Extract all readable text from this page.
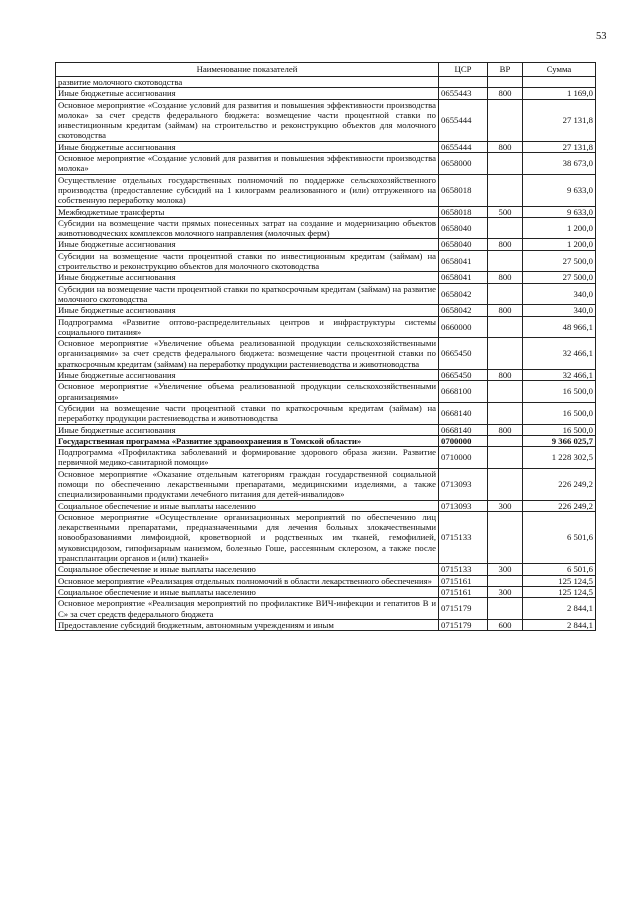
53
Наименование показателей	ЦСР	ВР	Сумма
развитие молочного скотоводства			
Иные бюджетные ассигнования	0655443	800	1 169,0
Основное мероприятие «Создание условий для развития и повышения эффективности производства молока» за счет средств федерального бюджета: возмещение части процентной ставки по инвестиционным кредитам (займам) на строительство и реконструкцию объектов для молочного скотоводства	0655444		27 131,8
Иные бюджетные ассигнования	0655444	800	27 131,8
Основное мероприятие «Создание условий для развития и повышения эффективности производства молока»	0658000		38 673,0
Осуществление отдельных государственных полномочий по поддержке сельскохозяйственного производства (предоставление субсидий на 1 килограмм реализованного и (или) отгруженного на собственную переработку молока)	0658018		9 633,0
Межбюджетные трансферты	0658018	500	9 633,0
Субсидии на возмещение части прямых понесенных затрат на создание и модернизацию объектов животноводческих комплексов молочного направления (молочных ферм)	0658040		1 200,0
Иные бюджетные ассигнования	0658040	800	1 200,0
Субсидии на возмещение части процентной ставки по инвестиционным кредитам (займам) на строительство и реконструкцию объектов для молочного скотоводства	0658041		27 500,0
Иные бюджетные ассигнования	0658041	800	27 500,0
Субсидии на возмещение части процентной ставки по краткосрочным кредитам (займам) на развитие молочного скотоводства	0658042		340,0
Иные бюджетные ассигнования	0658042	800	340,0
Подпрограмма «Развитие оптово-распределительных центров и инфраструктуры системы социального питания»	0660000		48 966,1
Основное мероприятие «Увеличение объема реализованной продукции сельскохозяйственными организациями» за счет средств федерального бюджета: возмещение части процентной ставки по краткосрочным кредитам (займам) на переработку продукции растениеводства и животноводства	0665450		32 466,1
Иные бюджетные ассигнования	0665450	800	32 466,1
Основное мероприятие «Увеличение объема реализованной продукции сельскохозяйственными организациями»	0668100		16 500,0
Субсидии на возмещение части процентной ставки по краткосрочным кредитам (займам) на переработку продукции растениеводства и животноводства	0668140		16 500,0
Иные бюджетные ассигнования	0668140	800	16 500,0
Государственная программа «Развитие здравоохранения в Томской области»	0700000		9 366 025,7
Подпрограмма «Профилактика заболеваний и формирование здорового образа жизни. Развитие первичной медико-санитарной помощи»	0710000		1 228 302,5
Основное мероприятие «Оказание отдельным категориям граждан государственной социальной помощи по обеспечению лекарственными препаратами, медицинскими изделиями, а также специализированными продуктами лечебного питания для детей-инвалидов»	0713093		226 249,2
Социальное обеспечение и иные выплаты населению	0713093	300	226 249,2
Основное мероприятие «Осуществление организационных мероприятий по обеспечению лиц лекарственными препаратами, предназначенными для лечения больных злокачественными новообразованиями лимфоидной, кроветворной и родственных им тканей, гемофилией, муковисцидозом, гипофизарным нанизмом, болезнью Гоше, рассеянным склерозом, а также после трансплантации органов и (или) тканей»	0715133		6 501,6
Социальное обеспечение и иные выплаты населению	0715133	300	6 501,6
Основное мероприятие «Реализация отдельных полномочий в области лекарственного обеспечения»	0715161		125 124,5
Социальное обеспечение и иные выплаты населению	0715161	300	125 124,5
Основное мероприятие «Реализация мероприятий по профилактике ВИЧ-инфекции и гепатитов В и С» за счет средств федерального бюджета	0715179		2 844,1
Предоставление субсидий бюджетным, автономным учреждениям и иным	0715179	600	2 844,1
